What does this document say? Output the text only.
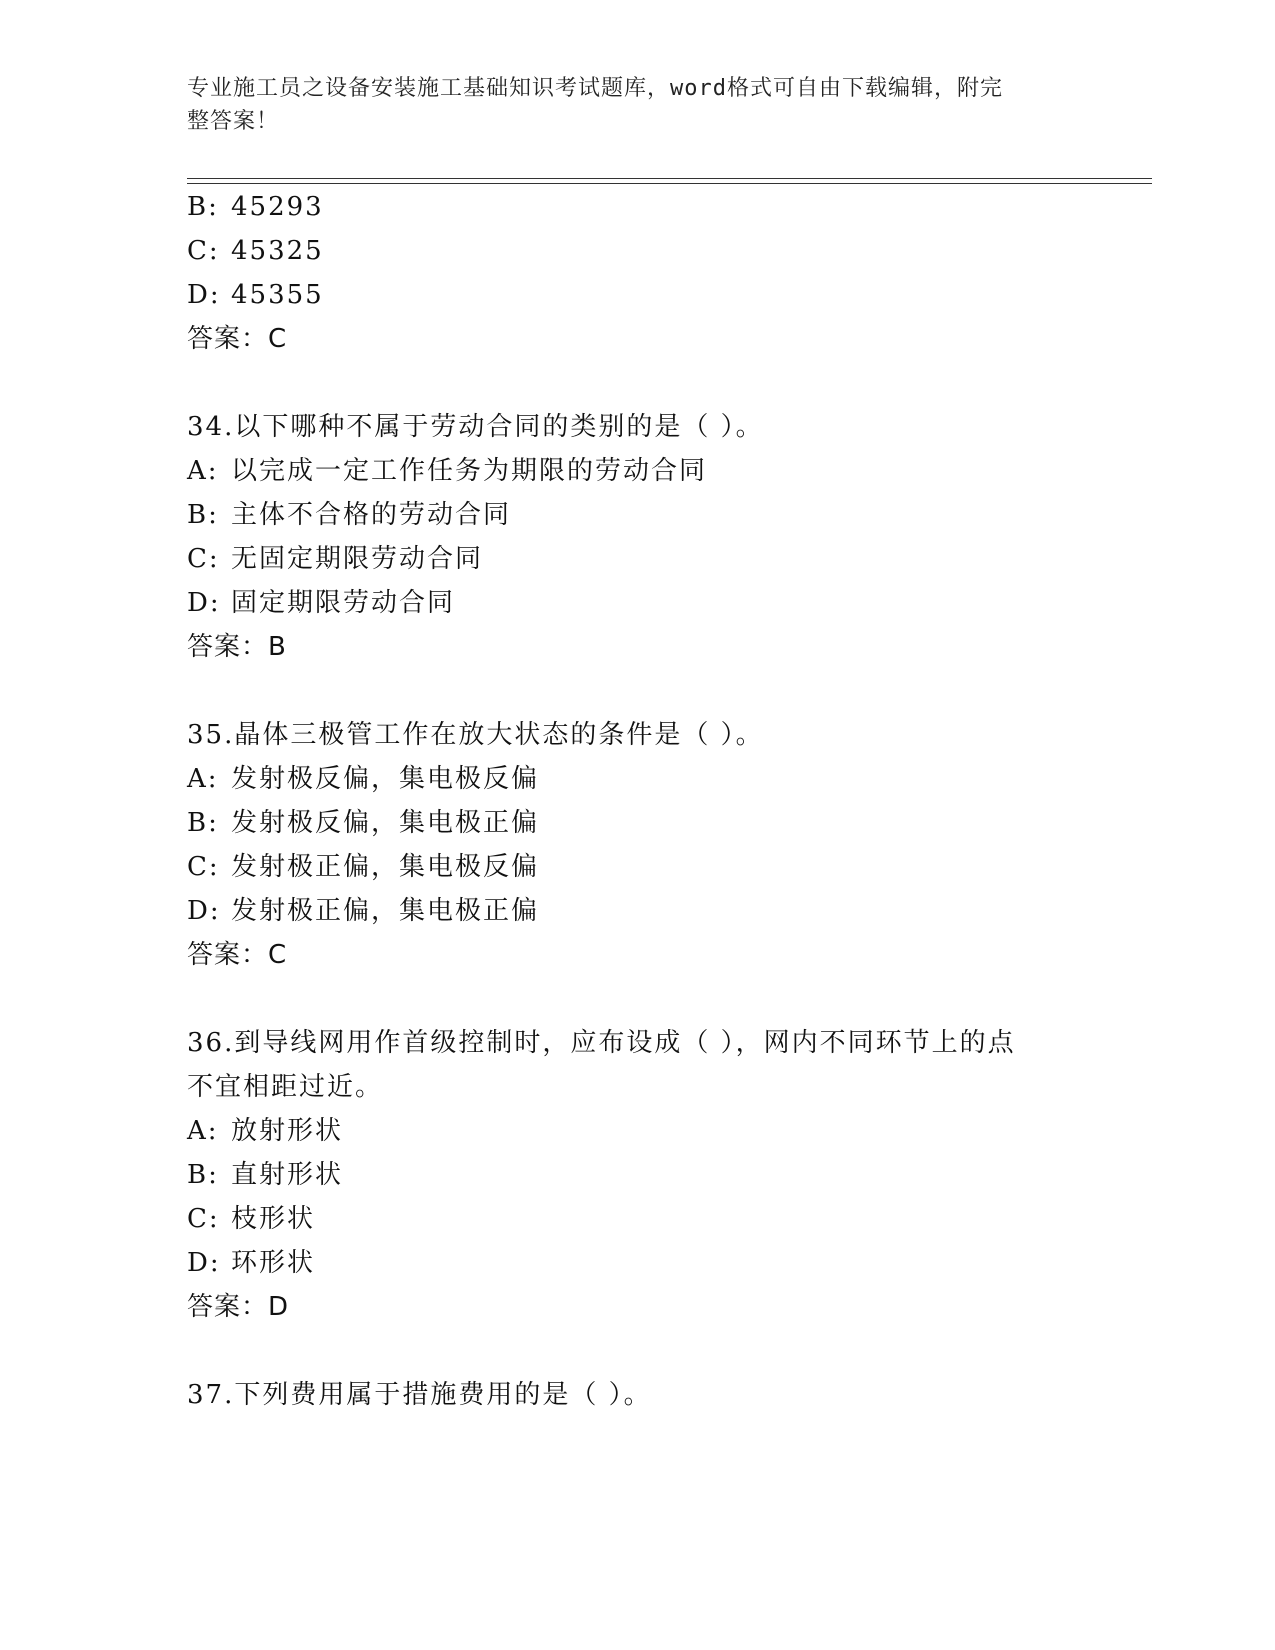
专业施工员之设备安装施工基础知识考试题库，word格式可自由下载编辑，附完
整答案！
B: 45293
C: 45325
D: 45355
答案：C
34.以下哪种不属于劳动合同的类别的是（ ）。
A: 以完成一定工作任务为期限的劳动合同
B: 主体不合格的劳动合同
C: 无固定期限劳动合同
D: 固定期限劳动合同
答案：B
35.晶体三极管工作在放大状态的条件是（ ）。
A: 发射极反偏，集电极反偏
B: 发射极反偏，集电极正偏
C: 发射极正偏，集电极反偏
D: 发射极正偏，集电极正偏
答案：C
36.到导线网用作首级控制时，应布设成（ ），网内不同环节上的点
不宜相距过近。
A: 放射形状
B: 直射形状
C: 枝形状
D: 环形状
答案：D
37.下列费用属于措施费用的是（ ）。
